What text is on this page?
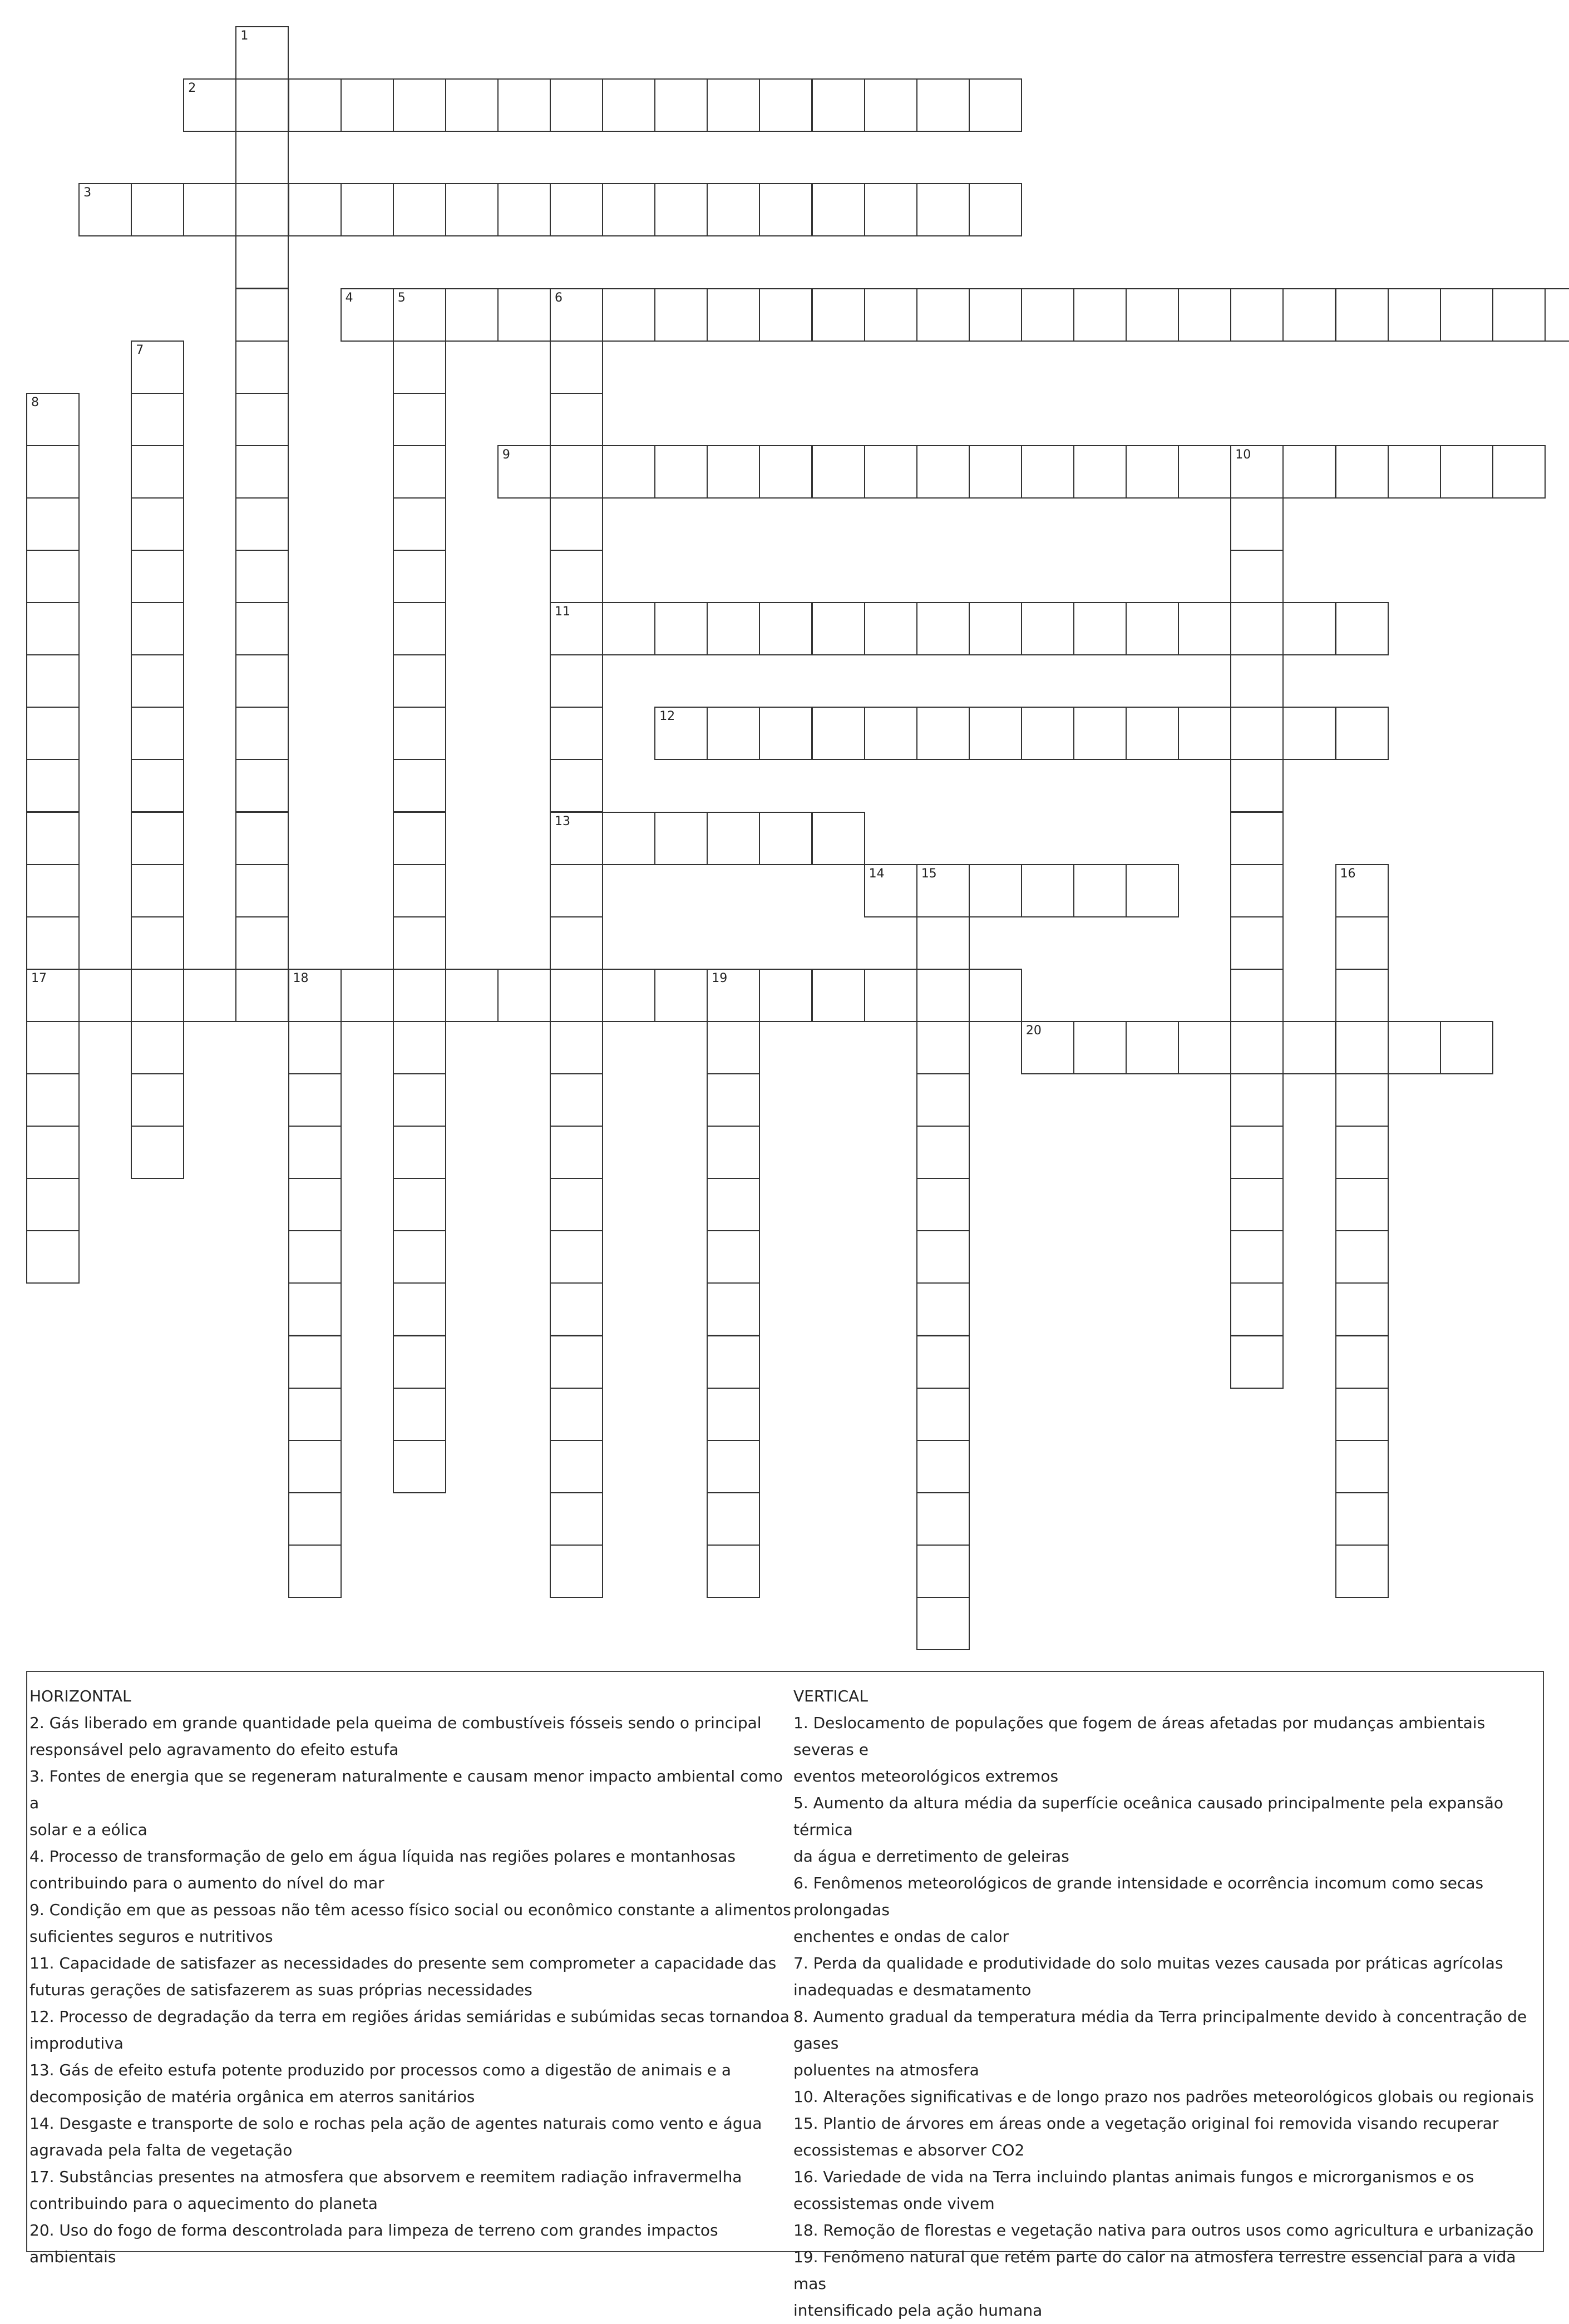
1
2
3
4	5	6
7
8
9	10
11
12
13
14	15	16
17	18	19
20
HORIZONTAL
2. Gás liberado em grande quantidade pela queima de combustíveis fósseis sendo o principal
responsável pelo agravamento do efeito estufa
3. Fontes de energia que se regeneram naturalmente e causam menor impacto ambiental como a
solar e a eólica
4. Processo de transformação de gelo em água líquida nas regiões polares e montanhosas
contribuindo para o aumento do nível do mar
9. Condição em que as pessoas não têm acesso físico social ou econômico constante a alimentos
suficientes seguros e nutritivos
11. Capacidade de satisfazer as necessidades do presente sem comprometer a capacidade das
futuras gerações de satisfazerem as suas próprias necessidades
12. Processo de degradação da terra em regiões áridas semiáridas e subúmidas secas tornandoa
improdutiva
13. Gás de efeito estufa potente produzido por processos como a digestão de animais e a
decomposição de matéria orgânica em aterros sanitários
14. Desgaste e transporte de solo e rochas pela ação de agentes naturais como vento e água
agravada pela falta de vegetação
17. Substâncias presentes na atmosfera que absorvem e reemitem radiação infravermelha
contribuindo para o aquecimento do planeta
20. Uso do fogo de forma descontrolada para limpeza de terreno com grandes impactos ambientais
VERTICAL
1. Deslocamento de populações que fogem de áreas afetadas por mudanças ambientais severas e
eventos meteorológicos extremos
5. Aumento da altura média da superfície oceânica causado principalmente pela expansão térmica
da água e derretimento de geleiras
6. Fenômenos meteorológicos de grande intensidade e ocorrência incomum como secas prolongadas
enchentes e ondas de calor
7. Perda da qualidade e produtividade do solo muitas vezes causada por práticas agrícolas
inadequadas e desmatamento
8. Aumento gradual da temperatura média da Terra principalmente devido à concentração de gases
poluentes na atmosfera
10. Alterações significativas e de longo prazo nos padrões meteorológicos globais ou regionais
15. Plantio de árvores em áreas onde a vegetação original foi removida visando recuperar
ecossistemas e absorver CO2
16. Variedade de vida na Terra incluindo plantas animais fungos e microrganismos e os
ecossistemas onde vivem
18. Remoção de florestas e vegetação nativa para outros usos como agricultura e urbanização
19. Fenômeno natural que retém parte do calor na atmosfera terrestre essencial para a vida mas
intensificado pela ação humana
